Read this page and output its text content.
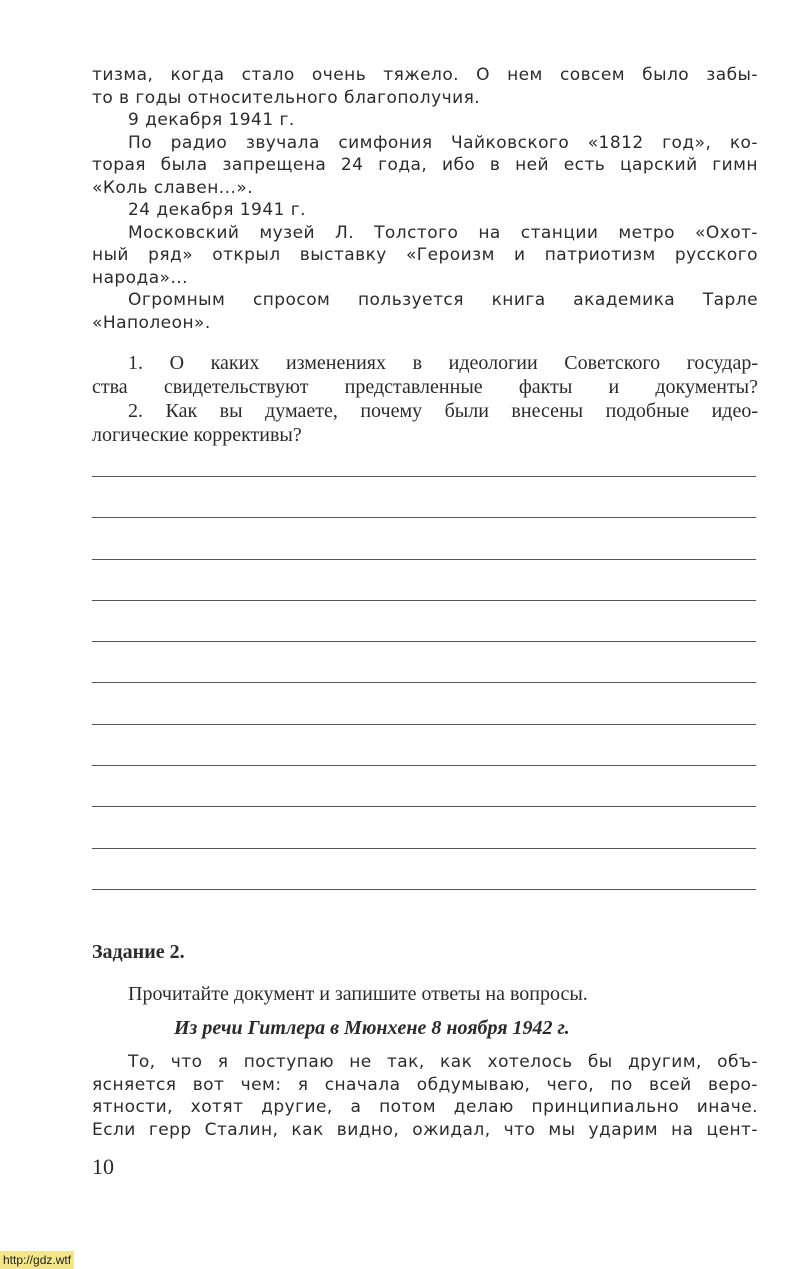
тизма, когда стало очень тяжело. О нем совсем было забы-
то в годы относительного благополучия.
9 декабря 1941 г.
По радио звучала симфония Чайковского «1812 год», ко-
торая была запрещена 24 года, ибо в ней есть царский гимн
«Коль славен...».
24 декабря 1941 г.
Московский музей Л. Толстого на станции метро «Охот-
ный ряд» открыл выставку «Героизм и патриотизм русского
народа»...
Огромным спросом пользуется книга академика Тарле
«Наполеон».
1. О каких изменениях в идеологии Советского государ-
ства свидетельствуют представленные факты и документы?
2. Как вы думаете, почему были внесены подобные идео-
логические коррективы?

Задание 2.

Прочитайте документ и запишите ответы на вопросы.

Из речи Гитлера в Мюнхене 8 ноября 1942 г.

То, что я поступаю не так, как хотелось бы другим, объ-
ясняется вот чем: я сначала обдумываю, чего, по всей веро-
ятности, хотят другие, а потом делаю принципиально иначе.
Если герр Сталин, как видно, ожидал, что мы ударим на цент-

10

http://gdz.wtf
